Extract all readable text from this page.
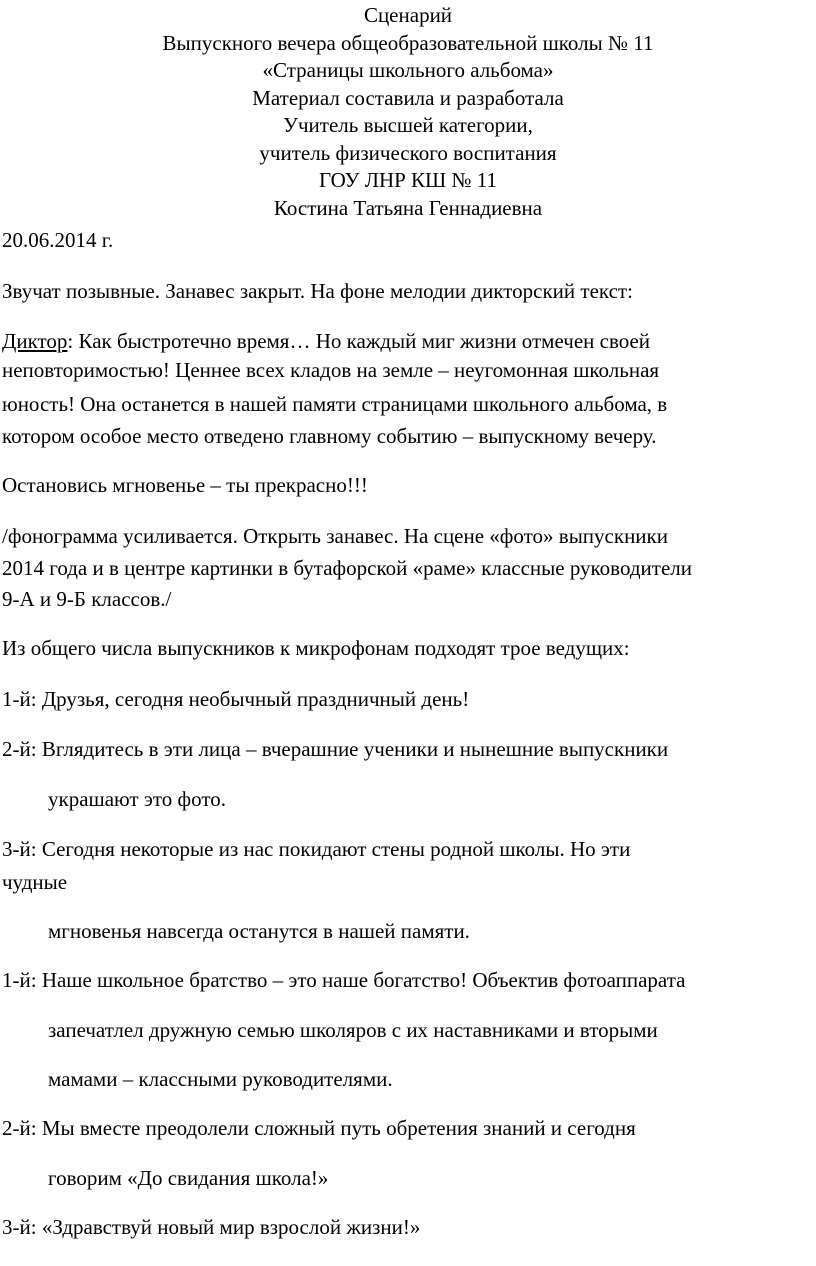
Сценарий
Выпускного вечера общеобразовательной школы № 11
«Страницы школьного альбома»
Материал составила и разработала
Учитель высшей категории,
учитель физического воспитания
ГОУ ЛНР КШ № 11
Костина Татьяна Геннадиевна
20.06.2014 г.
Звучат позывные. Занавес закрыт. На фоне мелодии дикторский текст:
Диктор: Как быстротечно время… Но каждый миг жизни отмечен своей
неповторимостью! Ценнее всех кладов на земле – неугомонная школьная
юность! Она останется в нашей памяти страницами школьного альбома, в
котором особое место отведено главному событию – выпускному вечеру.
Остановись мгновенье – ты прекрасно!!!
/фонограмма усиливается. Открыть занавес. На сцене «фото» выпускники
2014 года и в центре картинки в бутафорской «раме» классные руководители
9-А и 9-Б классов./
Из общего числа выпускников к микрофонам подходят трое ведущих:
1-й: Друзья, сегодня необычный праздничный день!
2-й: Вглядитесь в эти лица – вчерашние ученики и нынешние выпускники
украшают это фото.
3-й: Сегодня некоторые из нас покидают стены родной школы. Но эти
чудные
мгновенья навсегда останутся в нашей памяти.
1-й: Наше школьное братство – это наше богатство! Объектив фотоаппарата
запечатлел дружную семью школяров с их наставниками и вторыми
мамами – классными руководителями.
2-й: Мы вместе преодолели сложный путь обретения знаний и сегодня
говорим «До свидания школа!»
3-й: «Здравствуй новый мир взрослой жизни!»
